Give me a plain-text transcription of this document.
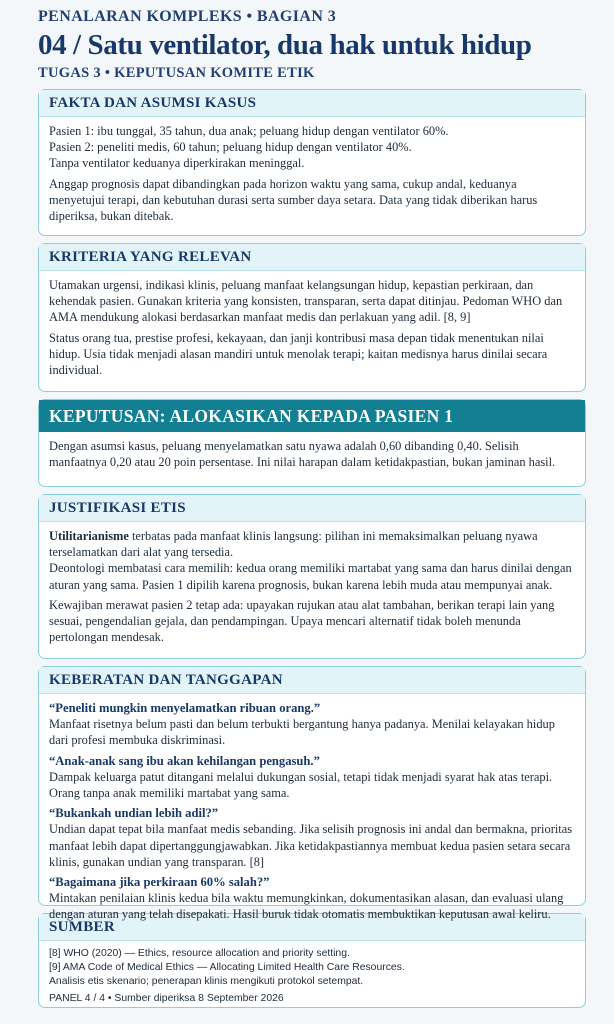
PENALARAN KOMPLEKS • BAGIAN 3

04 / Satu ventilator, dua hak untuk hidup

TUGAS 3 • KEPUTUSAN KOMITE ETIK

FAKTA DAN ASUMSI KASUS

Pasien 1: ibu tunggal, 35 tahun, dua anak; peluang hidup dengan ventilator 60%.

Pasien 2: peneliti medis, 60 tahun; peluang hidup dengan ventilator 40%.

Tanpa ventilator keduanya diperkirakan meninggal.

Anggap prognosis dapat dibandingkan pada horizon waktu yang sama, cukup andal, keduanya menyetujui terapi, dan kebutuhan durasi serta sumber daya setara. Data yang tidak diberikan harus diperiksa, bukan ditebak.

KRITERIA YANG RELEVAN

Utamakan urgensi, indikasi klinis, peluang manfaat kelangsungan hidup, kepastian perkiraan, dan kehendak pasien. Gunakan kriteria yang konsisten, transparan, serta dapat ditinjau. Pedoman WHO dan AMA mendukung alokasi berdasarkan manfaat medis dan perlakuan yang adil. [8, 9]

Status orang tua, prestise profesi, kekayaan, dan janji kontribusi masa depan tidak menentukan nilai hidup. Usia tidak menjadi alasan mandiri untuk menolak terapi; kaitan medisnya harus dinilai secara individual.

KEPUTUSAN: ALOKASIKAN KEPADA PASIEN 1

Dengan asumsi kasus, peluang menyelamatkan satu nyawa adalah 0,60 dibanding 0,40. Selisih manfaatnya 0,20 atau 20 poin persentase. Ini nilai harapan dalam ketidakpastian, bukan jaminan hasil.

JUSTIFIKASI ETIS

Utilitarianisme terbatas pada manfaat klinis langsung: pilihan ini memaksimalkan peluang nyawa terselamatkan dari alat yang tersedia.

Deontologi membatasi cara memilih: kedua orang memiliki martabat yang sama dan harus dinilai dengan aturan yang sama. Pasien 1 dipilih karena prognosis, bukan karena lebih muda atau mempunyai anak.

Kewajiban merawat pasien 2 tetap ada: upayakan rujukan atau alat tambahan, berikan terapi lain yang sesuai, pengendalian gejala, dan pendampingan. Upaya mencari alternatif tidak boleh menunda pertolongan mendesak.

KEBERATAN DAN TANGGAPAN

“Peneliti mungkin menyelamatkan ribuan orang.”

Manfaat risetnya belum pasti dan belum terbukti bergantung hanya padanya. Menilai kelayakan hidup dari profesi membuka diskriminasi.

“Anak-anak sang ibu akan kehilangan pengasuh.”

Dampak keluarga patut ditangani melalui dukungan sosial, tetapi tidak menjadi syarat hak atas terapi. Orang tanpa anak memiliki martabat yang sama.

“Bukankah undian lebih adil?”

Undian dapat tepat bila manfaat medis sebanding. Jika selisih prognosis ini andal dan bermakna, prioritas manfaat lebih dapat dipertanggungjawabkan. Jika ketidakpastiannya membuat kedua pasien setara secara klinis, gunakan undian yang transparan. [8]

“Bagaimana jika perkiraan 60% salah?”

Mintakan penilaian klinis kedua bila waktu memungkinkan, dokumentasikan alasan, dan evaluasi ulang dengan aturan yang telah disepakati. Hasil buruk tidak otomatis membuktikan keputusan awal keliru.

SUMBER

[8] WHO (2020) — Ethics, resource allocation and priority setting.

[9] AMA Code of Medical Ethics — Allocating Limited Health Care Resources.

Analisis etis skenario; penerapan klinis mengikuti protokol setempat.

PANEL 4 / 4 • Sumber diperiksa 8 September 2026
